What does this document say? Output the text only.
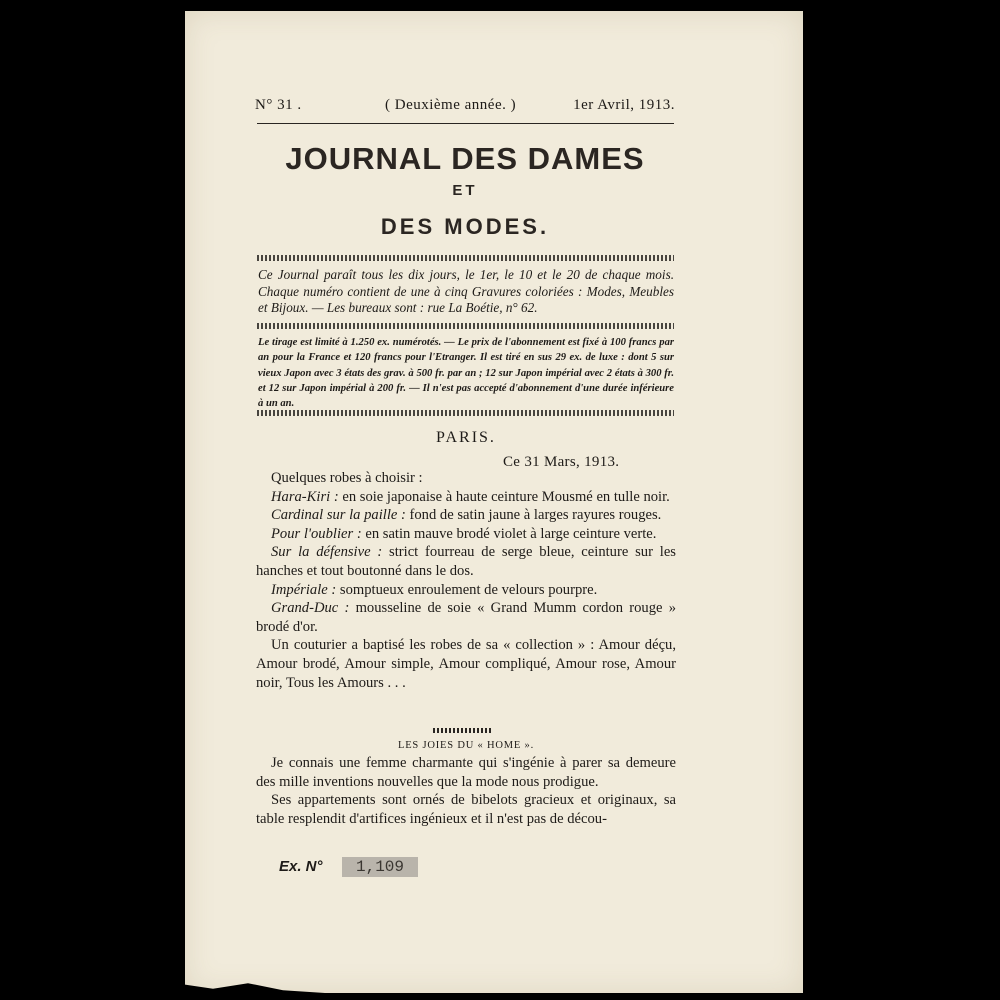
N° 31 .	( Deuxième année. )	1er Avril, 1913.
JOURNAL DES DAMES
ET
DES MODES.
Ce Journal paraît tous les dix jours, le 1er, le 10 et le 20 de chaque mois. Chaque numéro contient de une à cinq Gravures coloriées : Modes, Meubles et Bijoux. — Les bureaux sont : rue La Boétie, n° 62.
Le tirage est limité à 1.250 ex. numérotés. — Le prix de l'abonnement est fixé à 100 francs par an pour la France et 120 francs pour l'Etranger. Il est tiré en sus 29 ex. de luxe : dont 5 sur vieux Japon avec 3 états des grav. à 500 fr. par an ; 12 sur Japon impérial avec 2 états à 300 fr. et 12 sur Japon impérial à 200 fr. — Il n'est pas accepté d'abonnement d'une durée inférieure à un an.
PARIS.
Ce 31 Mars, 1913.

Quelques robes à choisir :

Hara-Kiri : en soie japonaise à haute ceinture Mousmé en tulle noir.

Cardinal sur la paille : fond de satin jaune à larges rayures rouges.

Pour l'oublier : en satin mauve brodé violet à large ceinture verte.

Sur la défensive : strict fourreau de serge bleue, ceinture sur les hanches et tout boutonné dans le dos.

Impériale : somptueux enroulement de velours pourpre.

Grand-Duc : mousseline de soie « Grand Mumm cordon rouge » brodé d'or.

Un couturier a baptisé les robes de sa « collection » : Amour déçu, Amour brodé, Amour simple, Amour compliqué, Amour rose, Amour noir, Tous les Amours . . .

LES JOIES DU « HOME ».

Je connais une femme charmante qui s'ingénie à parer sa demeure des mille inventions nouvelles que la mode nous prodigue.

Ses appartements sont ornés de bibelots gracieux et originaux, sa table resplendit d'artifices ingénieux et il n'est pas de décou-

Ex. N°	1,109
